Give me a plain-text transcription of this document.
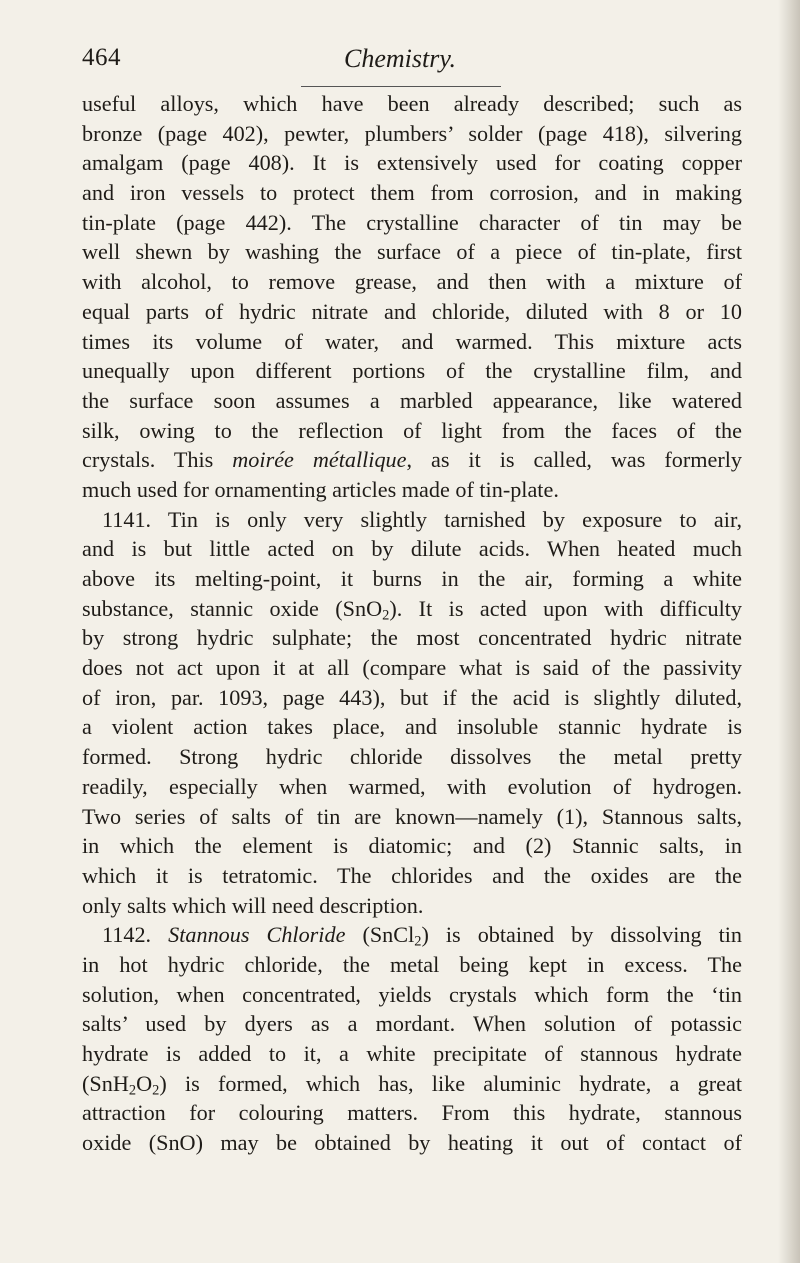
464	Chemistry.
useful alloys, which have been already described; such as
bronze (page 402), pewter, plumbers’ solder (page 418), silvering
amalgam (page 408). It is extensively used for coating copper
and iron vessels to protect them from corrosion, and in making
tin-plate (page 442). The crystalline character of tin may be
well shewn by washing the surface of a piece of tin-plate, first
with alcohol, to remove grease, and then with a mixture of
equal parts of hydric nitrate and chloride, diluted with 8 or 10
times its volume of water, and warmed. This mixture acts
unequally upon different portions of the crystalline film, and
the surface soon assumes a marbled appearance, like watered
silk, owing to the reflection of light from the faces of the
crystals. This moirée métallique, as it is called, was formerly
much used for ornamenting articles made of tin-plate.
1141. Tin is only very slightly tarnished by exposure to air,
and is but little acted on by dilute acids. When heated much
above its melting-point, it burns in the air, forming a white
substance, stannic oxide (SnO$_2$). It is acted upon with difficulty
by strong hydric sulphate; the most concentrated hydric nitrate
does not act upon it at all (compare what is said of the passivity
of iron, par. 1093, page 443), but if the acid is slightly diluted,
a violent action takes place, and insoluble stannic hydrate is
formed. Strong hydric chloride dissolves the metal pretty
readily, especially when warmed, with evolution of hydrogen.
Two series of salts of tin are known—namely (1), Stannous salts,
in which the element is diatomic; and (2) Stannic salts, in
which it is tetratomic. The chlorides and the oxides are the
only salts which will need description.
1142. Stannous Chloride (SnCl$_2$) is obtained by dissolving tin
in hot hydric chloride, the metal being kept in excess. The
solution, when concentrated, yields crystals which form the ‘tin
salts’ used by dyers as a mordant. When solution of potassic
hydrate is added to it, a white precipitate of stannous hydrate
$(SnH_2O_2)$ is formed, which has, like aluminic hydrate, a great
attraction for colouring matters. From this hydrate, stannous
oxide (SnO) may be obtained by heating it out of contact of
